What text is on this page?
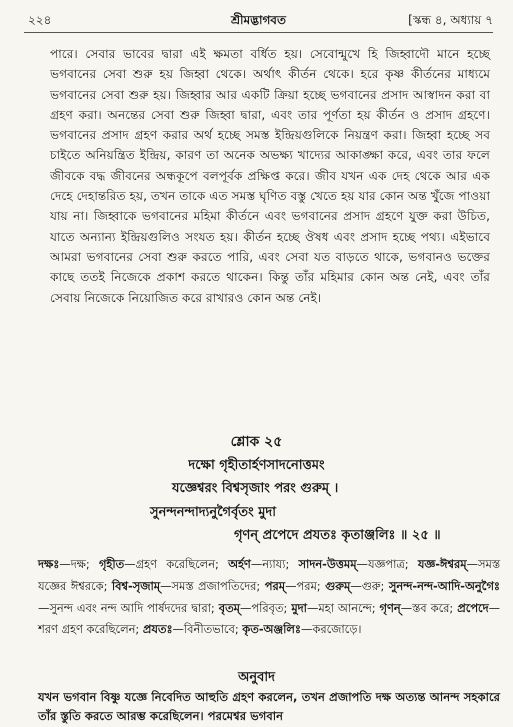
২২৪	শ্রীমদ্ভাগবত	[স্কন্ধ ৪, অধ্যায় ৭

পারে। সেবার ভাবের দ্বারা এই ক্ষমতা বর্ধিত হয়। সেবোন্মুখে হি জিহ্বাদৌ মানে হচ্ছে ভগবানের সেবা শুরু হয় জিহ্বা থেকে। অর্থাৎ কীর্তন থেকে। হরে কৃষ্ণ কীর্তনের মাধ্যমে ভগবানের সেবা শুরু হয়। জিহ্বার আর একটি ক্রিয়া হচ্ছে ভগবানের প্রসাদ আস্বাদন করা বা গ্রহণ করা। অনন্তের সেবা শুরু জিহ্বা দ্বারা, এবং তার পূর্ণতা হয় কীর্তন ও প্রসাদ গ্রহণে। ভগবানের প্রসাদ গ্রহণ করার অর্থ হচ্ছে সমস্ত ইন্দ্রিয়গুলিকে নিয়ন্ত্রণ করা। জিহ্বা হচ্ছে সব চাইতে অনিয়ন্ত্রিত ইন্দ্রিয়, কারণ তা অনেক অভক্ষ্য খাদ্যের আকাঙ্ক্ষা করে, এবং তার ফলে জীবকে বদ্ধ জীবনের অন্ধকূপে বলপূর্বক প্রক্ষিপ্ত করে। জীব যখন এক দেহ থেকে আর এক দেহে দেহান্তরিত হয়, তখন তাকে এত সমস্ত ঘৃণিত বস্তু খেতে হয় যার কোন অন্ত খুঁজে পাওয়া যায় না। জিহ্বাকে ভগবানের মহিমা কীর্তনে এবং ভগবানের প্রসাদ গ্রহণে যুক্ত করা উচিত, যাতে অন্যান্য ইন্দ্রিয়গুলিও সংযত হয়। কীর্তন হচ্ছে ঔষধ এবং প্রসাদ হচ্ছে পথ্য। এইভাবে আমরা ভগবানের সেবা শুরু করতে পারি, এবং সেবা যত বাড়তে থাকে, ভগবানও ভক্তের কাছে ততই নিজেকে প্রকাশ করতে থাকেন। কিন্তু তাঁর মহিমার কোন অন্ত নেই, এবং তাঁর সেবায় নিজেকে নিয়োজিত করে রাখারও কোন অন্ত নেই।

শ্লোক ২৫
দক্ষো গৃহীতার্হণসাদনোত্তমং
যজ্ঞেশ্বরং বিশ্বসৃজাং পরং গুরুম্ ।
সুনন্দনন্দাদ্যনুগৈর্বৃতং মুদা
গৃণন্ প্রপেদে প্রযতঃ কৃতাঞ্জলিঃ ॥ ২৫ ॥

দক্ষঃ—দক্ষ; গৃহীত—গ্রহণ করেছিলেন; অর্হণ—ন্যায্য; সাদন-উত্তমম্—যজ্ঞপাত্র; যজ্ঞ-ঈশ্বরম্—সমস্ত যজ্ঞের ঈশ্বরকে; বিশ্ব-সৃজাম্—সমস্ত প্রজাপতিদের; পরম্—পরম; গুরুম্—গুরু; সুনন্দ-নন্দ-আদি-অনুগৈঃ—সুনন্দ এবং নন্দ আদি পার্ষদদের দ্বারা; বৃতম্—পরিবৃত; মুদা—মহা আনন্দে; গৃণন্—স্তব করে; প্রপেদে—শরণ গ্রহণ করেছিলেন; প্রযতঃ—বিনীতভাবে; কৃত-অঞ্জলিঃ—করজোড়ে।

অনুবাদ

যখন ভগবান বিষ্ণু যজ্ঞে নিবেদিত আহুতি গ্রহণ করলেন, তখন প্রজাপতি দক্ষ অত্যন্ত আনন্দ সহকারে তাঁর স্তুতি করতে আরম্ভ করেছিলেন। পরমেশ্বর ভগবান
